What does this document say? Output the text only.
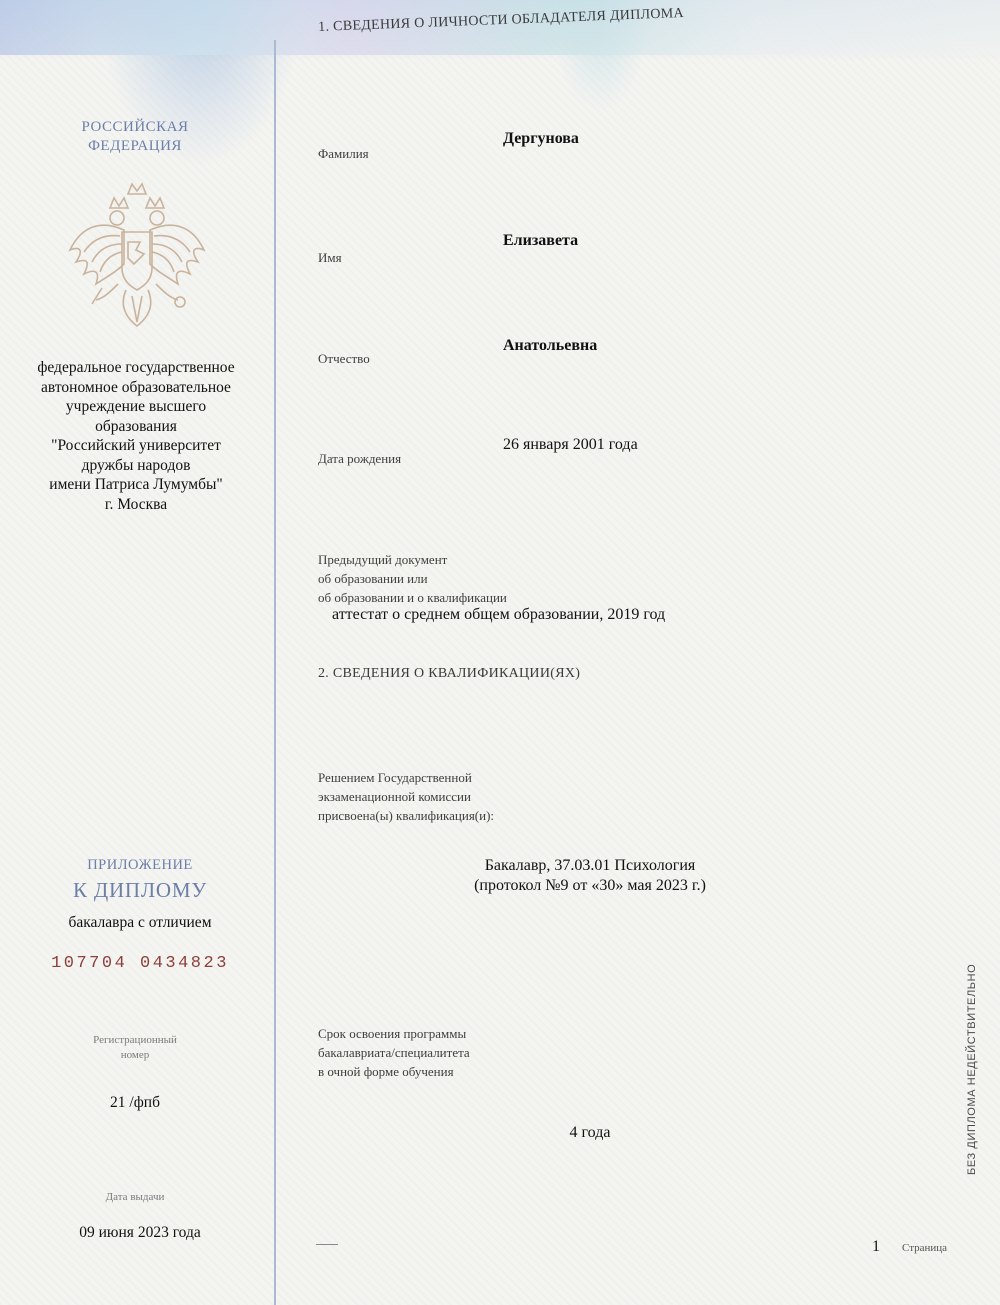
РОССИЙСКАЯ
ФЕДЕРАЦИЯ
федеральное государственное
автономное образовательное
учреждение высшего
образования
"Российский университет
дружбы народов
имени Патриса Лумумбы"
г. Москва
ПРИЛОЖЕНИЕ
К ДИПЛОМУ
бакалавра с отличием
107704 0434823
Регистрационный
номер
21 /фпб
Дата выдачи
09 июня 2023 года
1. СВЕДЕНИЯ О ЛИЧНОСТИ ОБЛАДАТЕЛЯ ДИПЛОМА
Фамилия
Дергунова
Имя
Елизавета
Отчество
Анатольевна
Дата рождения
26 января 2001 года
Предыдущий документ
об образовании или
об образовании и о квалификации
аттестат о среднем общем образовании, 2019 год
2. СВЕДЕНИЯ О КВАЛИФИКАЦИИ(ЯХ)
Решением Государственной
экзаменационной комиссии
присвоена(ы) квалификация(и):
Бакалавр, 37.03.01 Психология
(протокол №9 от «30» мая 2023 г.)
Срок освоения программы
бакалавриата/специалитета
в очной форме обучения
4 года	БЕЗ ДИПЛОМА НЕДЕЙСТВИТЕЛЬНО
1 Страница
